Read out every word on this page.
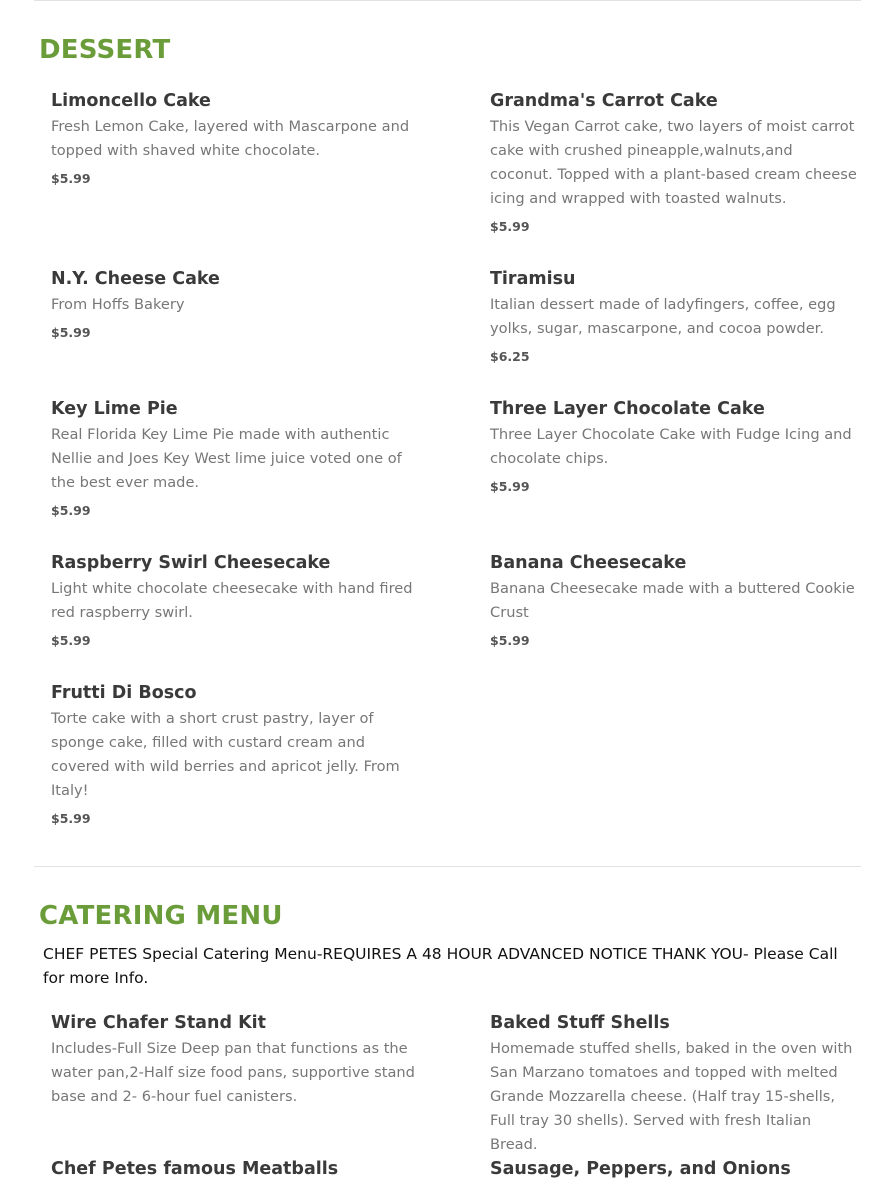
DESSERT

Limoncello Cake

Fresh Lemon Cake, layered with Mascarpone and topped with shaved white chocolate.

$5.99

Grandma's Carrot Cake

This Vegan Carrot cake, two layers of moist carrot cake with crushed pineapple,walnuts,and coconut. Topped with a plant-based cream cheese icing and wrapped with toasted walnuts.

$5.99

N.Y. Cheese Cake

From Hoffs Bakery

$5.99

Tiramisu

Italian dessert made of ladyfingers, coffee, egg yolks, sugar, mascarpone, and cocoa powder.

$6.25

Key Lime Pie

Real Florida Key Lime Pie made with authentic Nellie and Joes Key West lime juice voted one of the best ever made.

$5.99

Three Layer Chocolate Cake

Three Layer Chocolate Cake with Fudge Icing and chocolate chips.

$5.99

Raspberry Swirl Cheesecake

Light white chocolate cheesecake with hand fired red raspberry swirl.

$5.99

Banana Cheesecake

Banana Cheesecake made with a buttered Cookie Crust

$5.99

Frutti Di Bosco

Torte cake with a short crust pastry, layer of sponge cake, filled with custard cream and covered with wild berries and apricot jelly. From Italy!

$5.99

CATERING MENU

CHEF PETES Special Catering Menu-REQUIRES A 48 HOUR ADVANCED NOTICE THANK YOU- Please Call for more Info.

Wire Chafer Stand Kit

Includes-Full Size Deep pan that functions as the water pan,2-Half size food pans, supportive stand base and 2- 6-hour fuel canisters.

Baked Stuff Shells

Homemade stuffed shells, baked in the oven with San Marzano tomatoes and topped with melted Grande Mozzarella cheese. (Half tray 15-shells, Full tray 30 shells). Served with fresh Italian Bread.

Chef Petes famous Meatballs	Sausage, Peppers, and Onions
